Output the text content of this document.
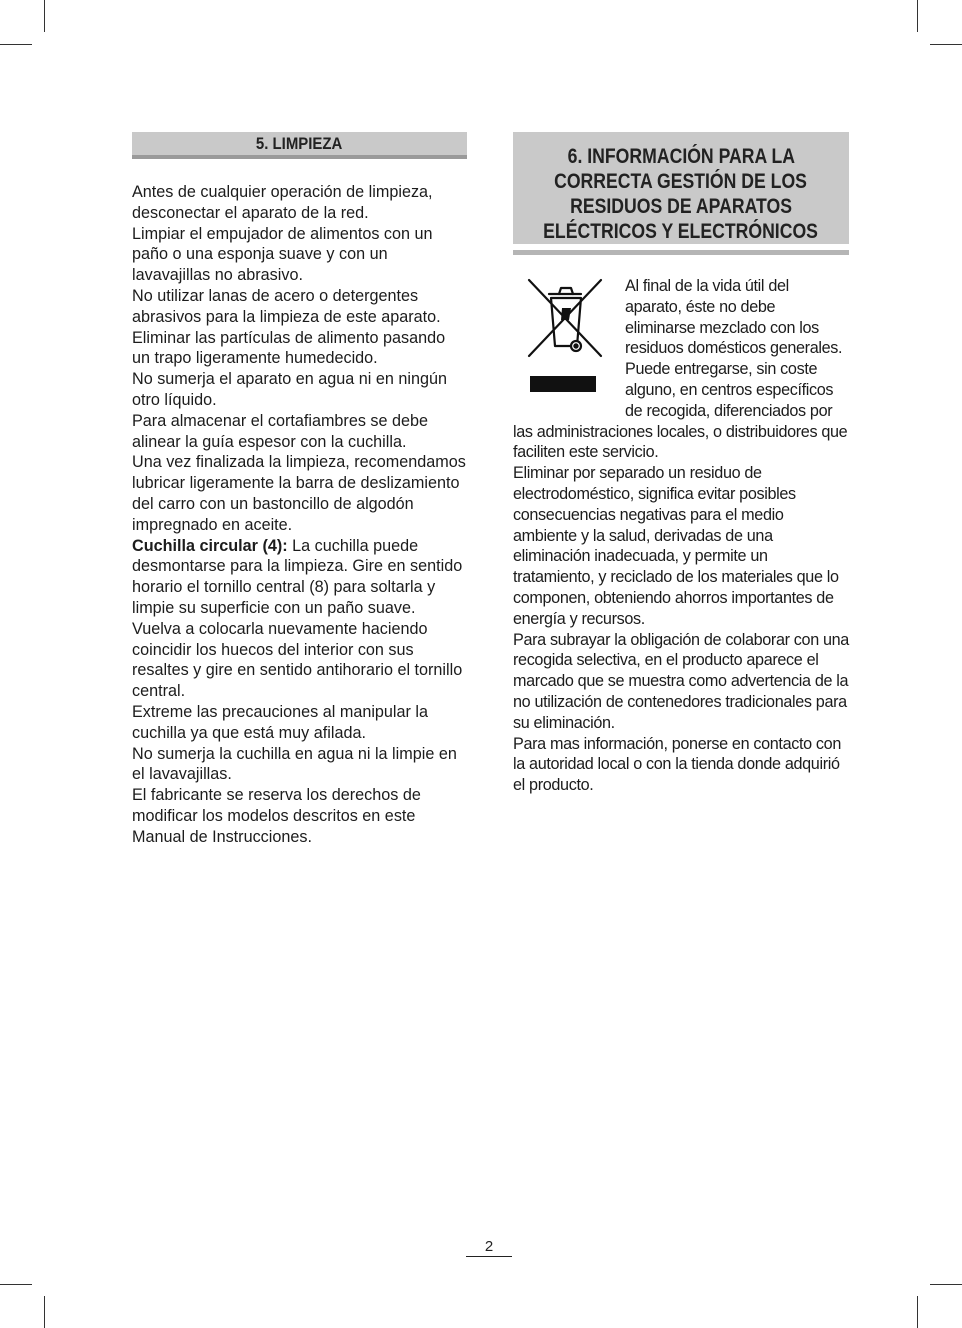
5. LIMPIEZA

Antes de cualquier operación de limpieza, desconectar el aparato de la red.

Limpiar el empujador de alimentos con un paño o una esponja suave y con un lavavajillas no abrasivo.

No utilizar lanas de acero o detergentes abrasivos para la limpieza de este aparato.

Eliminar las partículas de alimento pasando un trapo ligeramente humedecido.

No sumerja el aparato en agua ni en ningún otro líquido.

Para almacenar el cortafiambres se debe alinear la guía espesor con la cuchilla.

Una vez finalizada la limpieza, recomendamos lubricar ligeramente la barra de deslizamiento del carro con un bastoncillo de algodón impregnado en aceite.

Cuchilla circular (4): La cuchilla puede desmontarse para la limpieza. Gire en sentido horario el tornillo central (8) para soltarla y limpie su superficie con un paño suave. Vuelva a colocarla nuevamente haciendo coincidir los huecos del interior con sus resaltes y gire en sentido antihorario el tornillo central.

Extreme las precauciones al manipular la cuchilla ya que está muy afilada.

No sumerja la cuchilla en agua ni la limpie en el lavavajillas.

El fabricante se reserva los derechos de modificar los modelos descritos en este Manual de Instrucciones.

6. INFORMACIÓN PARA LA
CORRECTA GESTIÓN DE LOS
RESIDUOS DE APARATOS
ELÉCTRICOS Y ELECTRÓNICOS

Al final de la vida útil del aparato, éste no debe eliminarse mezclado con los residuos domésticos generales.

Puede entregarse, sin coste alguno, en centros específicos de recogida, diferenciados por las administraciones locales, o distribuidores que faciliten este servicio.

Eliminar por separado un residuo de electrodoméstico, significa evitar posibles consecuencias negativas para el medio ambiente y la salud, derivadas de una eliminación inadecuada, y permite un tratamiento, y reciclado de los materiales que lo componen, obteniendo ahorros importantes de energía y recursos.

Para subrayar la obligación de colaborar con una recogida selectiva, en el producto aparece el marcado que se muestra como advertencia de la no utilización de contenedores tradicionales para su eliminación.

Para mas información, ponerse en contacto con la autoridad local o con la tienda donde adquirió el producto.

2
